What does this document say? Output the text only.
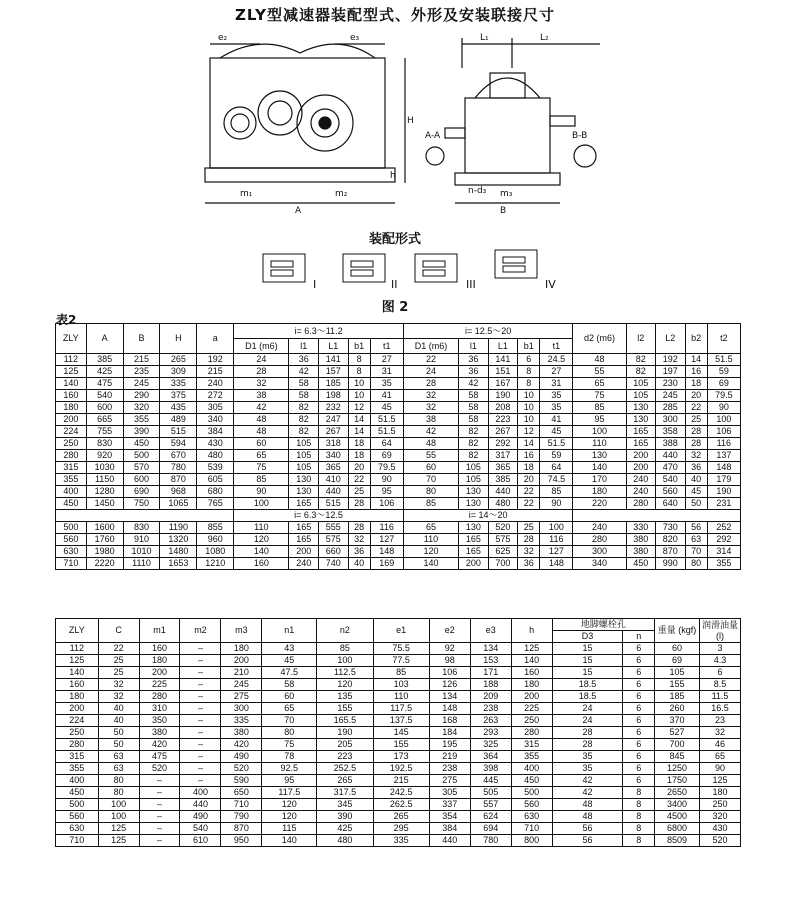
ZLY型减速器装配型式、外形及安装联接尺寸
e₂	e₃	L₁	L₂
H
h
A	B
A-A	B-B
n-d₃
m₁	m₂	m₃
装配形式
I	II	III	IV
图 2
表2
ZLY	A	B	H	a	i= 6.3～11.2					i= 12.5～20					d2 (m6)	l2	L2	b2	t2
					D1 (m6)	l1	L1	b1	t1	D1 (m6)	l1	L1	b1	t1					
112	385	215	265	192	24	36	141	8	27	22	36	141	6	24.5	48	82	192	14	51.5
125	425	235	309	215	28	42	157	8	31	24	36	151	8	27	55	82	197	16	59
140	475	245	335	240	32	58	185	10	35	28	42	167	8	31	65	105	230	18	69
160	540	290	375	272	38	58	198	10	41	32	58	190	10	35	75	105	245	20	79.5
180	600	320	435	305	42	82	232	12	45	32	58	208	10	35	85	130	285	22	90
200	665	355	489	340	48	82	247	14	51.5	38	58	223	10	41	95	130	300	25	100
224	755	390	515	384	48	82	267	14	51.5	42	82	267	12	45	100	165	358	28	106
250	830	450	594	430	60	105	318	18	64	48	82	292	14	51.5	110	165	388	28	116
280	920	500	670	480	65	105	340	18	69	55	82	317	16	59	130	200	440	32	137
315	1030	570	780	539	75	105	365	20	79.5	60	105	365	18	64	140	200	470	36	148
355	1150	600	870	605	85	130	410	22	90	70	105	385	20	74.5	170	240	540	40	179
400	1280	690	968	680	90	130	440	25	95	80	130	440	22	85	180	240	560	45	190
450	1450	750	1065	765	100	165	515	28	106	85	130	480	22	90	220	280	640	50	231
					i= 6.3～12.5					i= 14～20									
500	1600	830	1190	855	110	165	555	28	116	65	130	520	25	100	240	330	730	56	252
560	1760	910	1320	960	120	165	575	32	127	110	165	575	28	116	280	380	820	63	292
630	1980	1010	1480	1080	140	200	660	36	148	120	165	625	32	127	300	380	870	70	314
710	2220	1110	1653	1210	160	240	740	40	169	140	200	700	36	148	340	450	990	80	355
ZLY	C	m1	m2	m3	n1	n2	e1	e2	e3	h	地脚螺栓孔		重量 (kgf)	润滑油量 (l)
											D3	n		
112	22	160	–	180	43	85	75.5	92	134	125	15	6	60	3
125	25	180	–	200	45	100	77.5	98	153	140	15	6	69	4.3
140	25	200	–	210	47.5	112.5	85	106	171	160	15	6	105	6
160	32	225	–	245	58	120	103	126	188	180	18.5	6	155	8.5
180	32	280	–	275	60	135	110	134	209	200	18.5	6	185	11.5
200	40	310	–	300	65	155	117.5	148	238	225	24	6	260	16.5
224	40	350	–	335	70	165.5	137.5	168	263	250	24	6	370	23
250	50	380	–	380	80	190	145	184	293	280	28	6	527	32
280	50	420	–	420	75	205	155	195	325	315	28	6	700	46
315	63	475	–	490	78	223	173	219	364	355	35	6	845	65
355	63	520	–	520	92.5	252.5	192.5	238	398	400	35	6	1250	90
400	80	–	–	590	95	265	215	275	445	450	42	6	1750	125
450	80	–	400	650	117.5	317.5	242.5	305	505	500	42	8	2650	180
500	100	–	440	710	120	345	262.5	337	557	560	48	8	3400	250
560	100	–	490	790	120	390	265	354	624	630	48	8	4500	320
630	125	–	540	870	115	425	295	384	694	710	56	8	6800	430
710	125	–	610	950	140	480	335	440	780	800	56	8	8509	520
